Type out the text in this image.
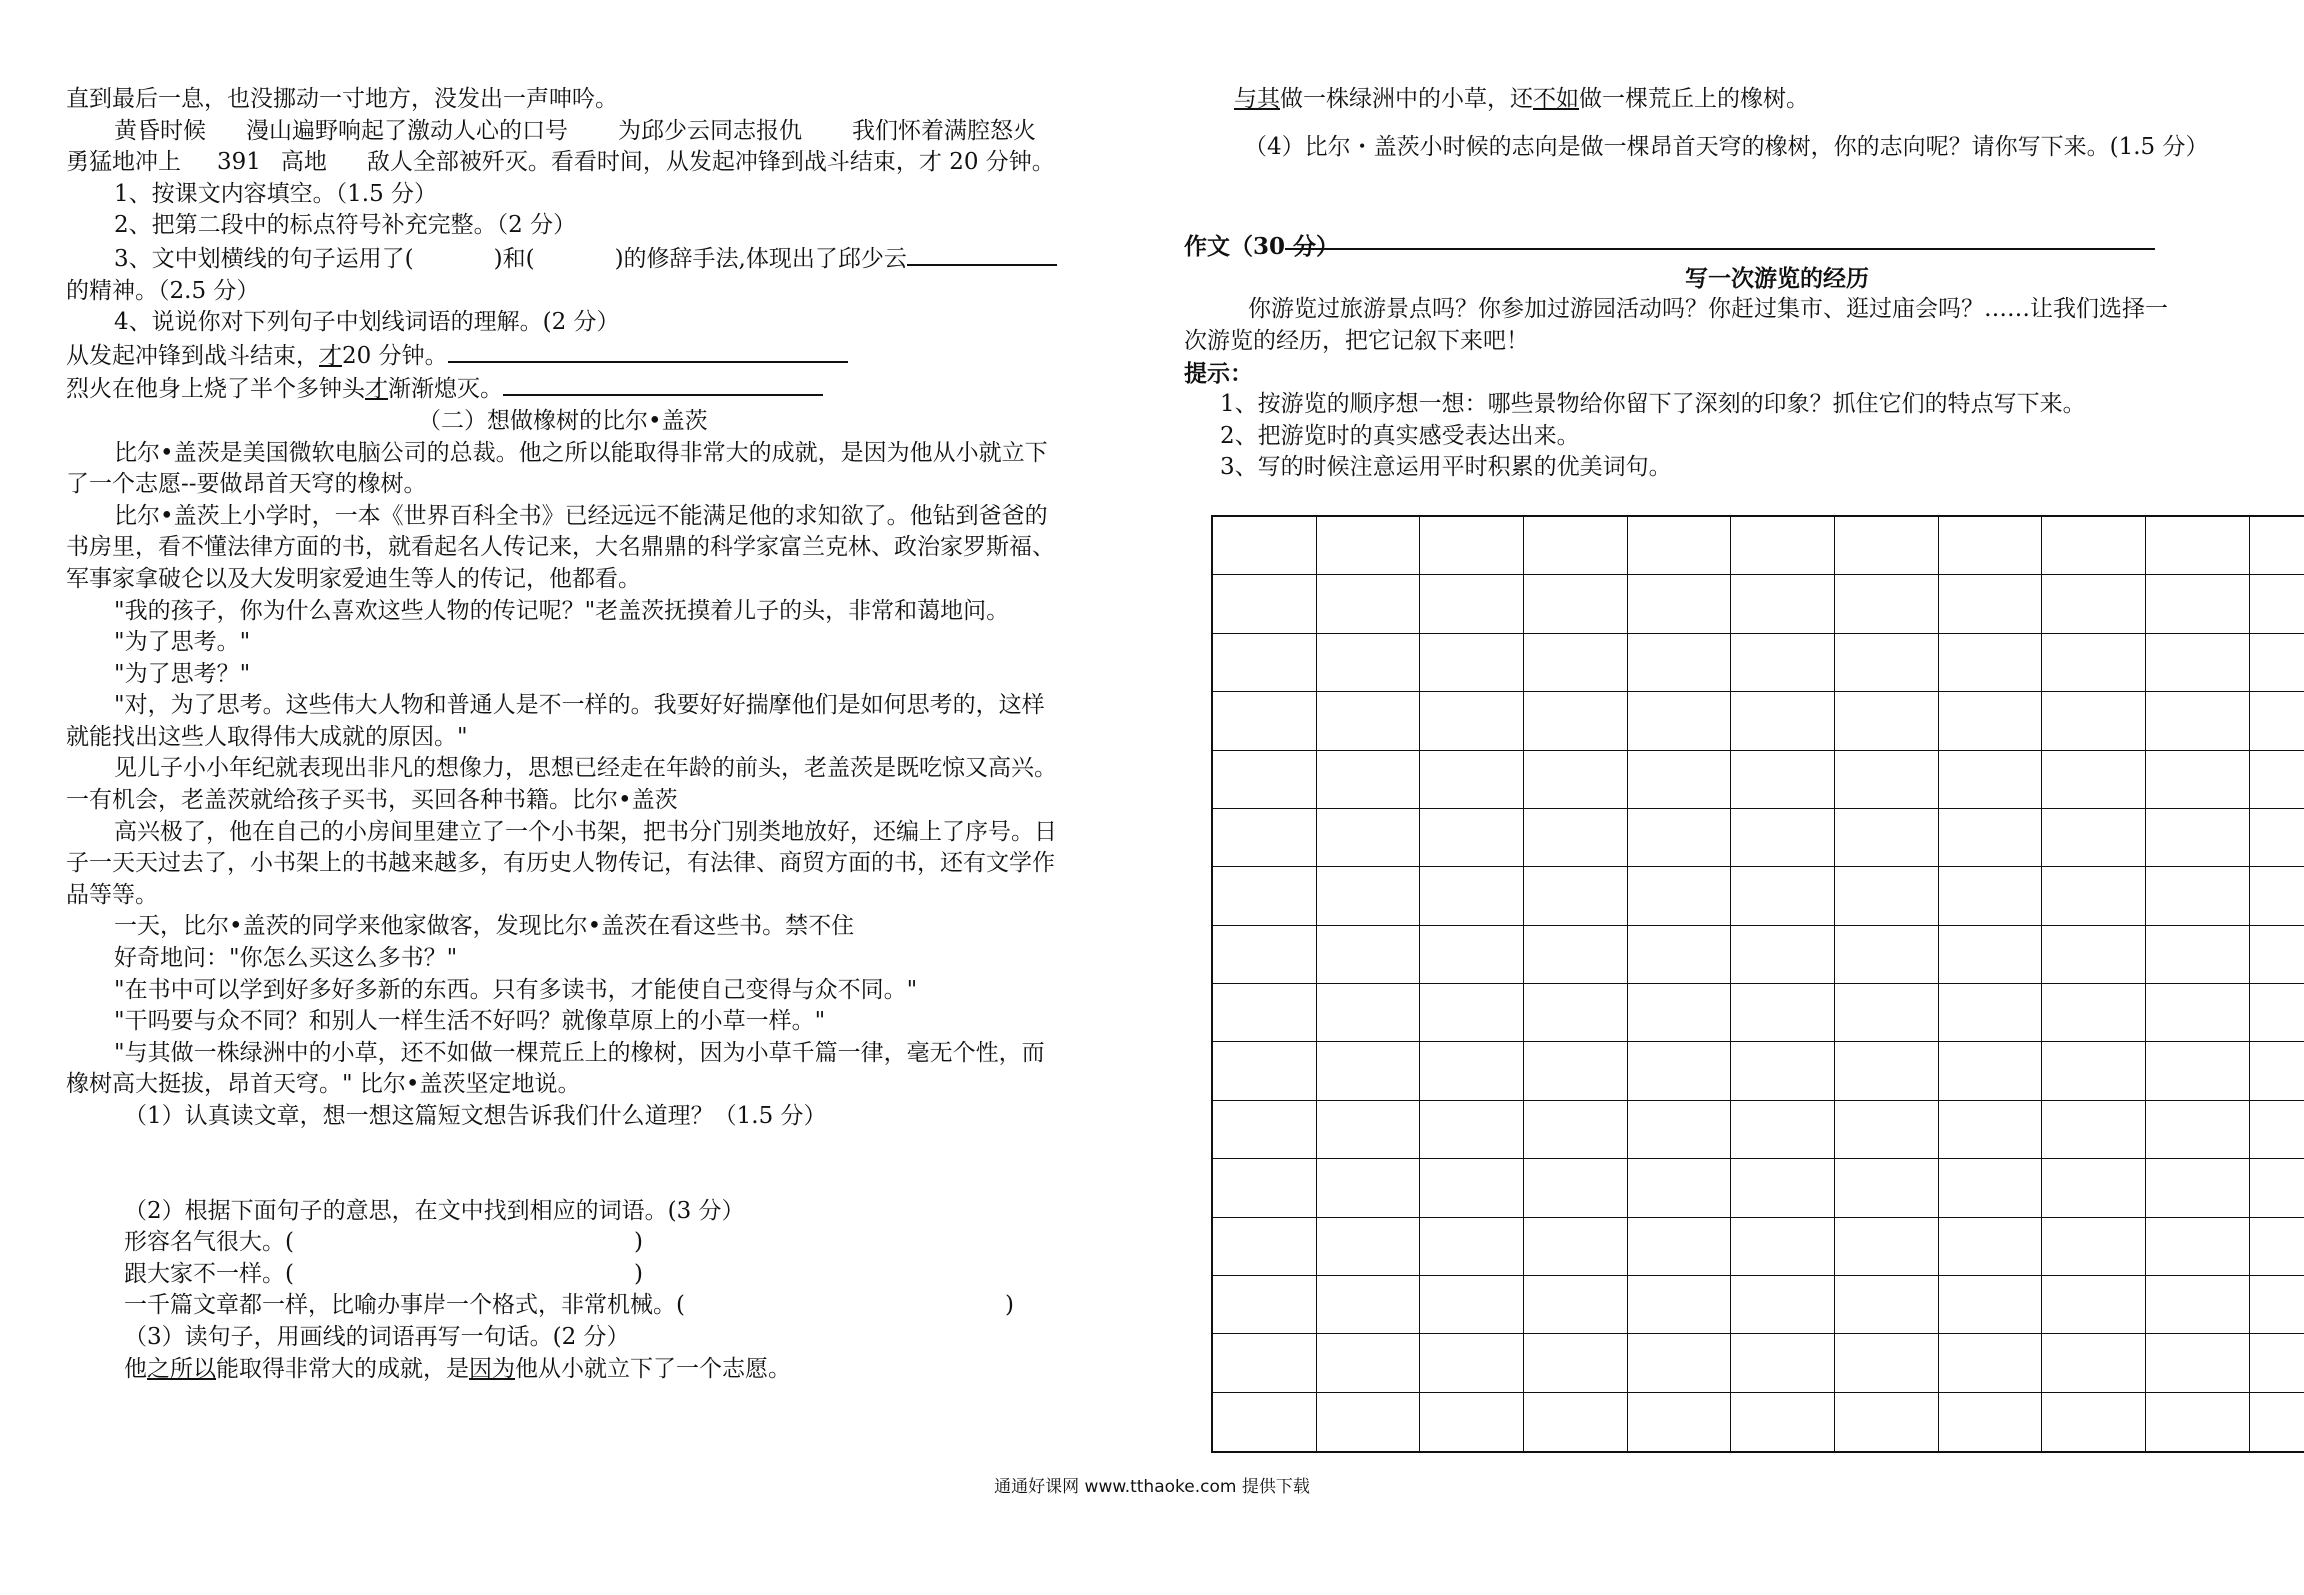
直到最后一息，也没挪动一寸地方，没发出一声呻吟。
黄昏时候 漫山遍野响起了激动人心的口号 为邱少云同志报仇 我们怀着满腔怒火
勇猛地冲上 391 高地 敌人全部被歼灭。看看时间，从发起冲锋到战斗结束，才 20 分钟。
1、按课文内容填空。（1.5 分）
2、把第二段中的标点符号补充完整。（2 分）
3、文中划横线的句子运用了(	)和(	)的修辞手法,体现出了邱少云
的精神。（2.5 分）
4、说说你对下列句子中划线词语的理解。(2 分）
从发起冲锋到战斗结束，才20 分钟。
烈火在他身上烧了半个多钟头才渐渐熄灭。
（二）想做橡树的比尔•盖茨
比尔•盖茨是美国微软电脑公司的总裁。他之所以能取得非常大的成就，是因为他从小就立下
了一个志愿--要做昂首天穹的橡树。
比尔•盖茨上小学时，一本《世界百科全书》已经远远不能满足他的求知欲了。他钻到爸爸的
书房里，看不懂法律方面的书，就看起名人传记来，大名鼎鼎的科学家富兰克林、政治家罗斯福、
军事家拿破仑以及大发明家爱迪生等人的传记，他都看。
"我的孩子，你为什么喜欢这些人物的传记呢？"老盖茨抚摸着儿子的头，非常和蔼地问。
"为了思考。"
"为了思考？"
"对，为了思考。这些伟大人物和普通人是不一样的。我要好好揣摩他们是如何思考的，这样
就能找出这些人取得伟大成就的原因。"
见儿子小小年纪就表现出非凡的想像力，思想已经走在年龄的前头，老盖茨是既吃惊又高兴。
一有机会，老盖茨就给孩子买书，买回各种书籍。比尔•盖茨
高兴极了，他在自己的小房间里建立了一个小书架，把书分门别类地放好，还编上了序号。日
子一天天过去了，小书架上的书越来越多，有历史人物传记，有法律、商贸方面的书，还有文学作
品等等。
一天，比尔•盖茨的同学来他家做客，发现比尔•盖茨在看这些书。禁不住
好奇地问："你怎么买这么多书？"
"在书中可以学到好多好多新的东西。只有多读书，才能使自己变得与众不同。"
"干吗要与众不同？和别人一样生活不好吗？就像草原上的小草一样。"
"与其做一株绿洲中的小草，还不如做一棵荒丘上的橡树，因为小草千篇一律，毫无个性，而
橡树高大挺拔，昂首天穹。" 比尔•盖茨坚定地说。
（1）认真读文章，想一想这篇短文想告诉我们什么道理？（1.5 分）
（2）根据下面句子的意思，在文中找到相应的词语。(3 分）
形容名气很大。(	)
跟大家不一样。(	)
一千篇文章都一样，比喻办事岸一个格式，非常机械。(	)
（3）读句子，用画线的词语再写一句话。(2 分）
他之所以能取得非常大的成就，是因为他从小就立下了一个志愿。
与其做一株绿洲中的小草，还不如做一棵荒丘上的橡树。
（4）比尔・盖茨小时候的志向是做一棵昂首天穹的橡树，你的志向呢？请你写下来。(1.5 分）
作文（30 分）
写一次游览的经历
你游览过旅游景点吗？你参加过游园活动吗？你赶过集市、逛过庙会吗？……让我们选择一
次游览的经历，把它记叙下来吧！
提示：
1、按游览的顺序想一想：哪些景物给你留下了深刻的印象？抓住它们的特点写下来。
2、把游览时的真实感受表达出来。
3、写的时候注意运用平时积累的优美词句。
通通好课网 www.tthaoke.com 提供下载
